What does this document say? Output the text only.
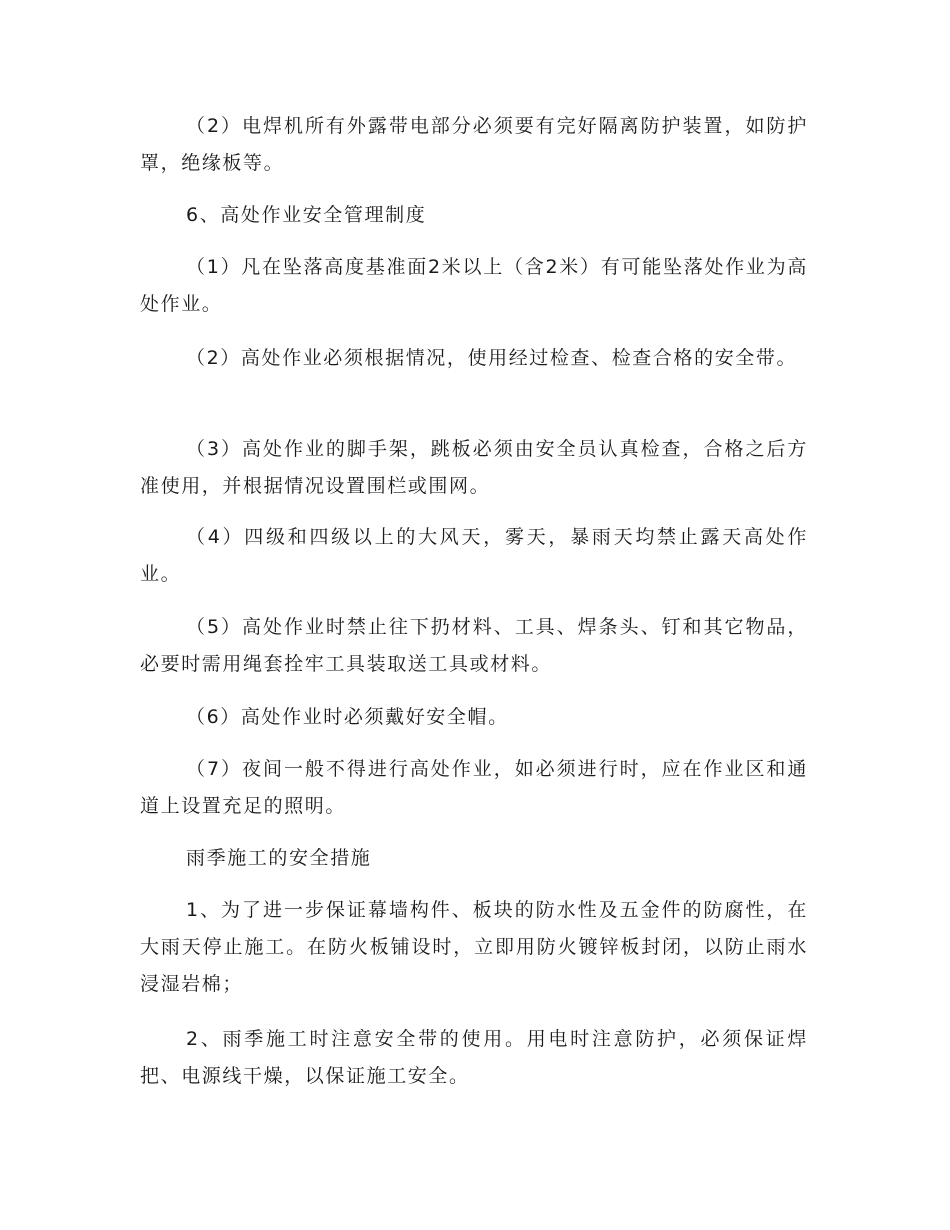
（2）电焊机所有外露带电部分必须要有完好隔离防护装置，如防护罩，绝缘板等。

6、高处作业安全管理制度

（1）凡在坠落高度基准面2米以上（含2米）有可能坠落处作业为高处作业。

（2）高处作业必须根据情况，使用经过检查、检查合格的安全带。

（3）高处作业的脚手架，跳板必须由安全员认真检查，合格之后方准使用，并根据情况设置围栏或围网。

（4）四级和四级以上的大风天，雾天，暴雨天均禁止露天高处作业。

（5）高处作业时禁止往下扔材料、工具、焊条头、钉和其它物品，必要时需用绳套拴牢工具装取送工具或材料。

（6）高处作业时必须戴好安全帽。

（7）夜间一般不得进行高处作业，如必须进行时，应在作业区和通道上设置充足的照明。

雨季施工的安全措施

1、为了进一步保证幕墙构件、板块的防水性及五金件的防腐性，在大雨天停止施工。在防火板铺设时，立即用防火镀锌板封闭，以防止雨水浸湿岩棉；

2、雨季施工时注意安全带的使用。用电时注意防护，必须保证焊把、电源线干燥，以保证施工安全。
